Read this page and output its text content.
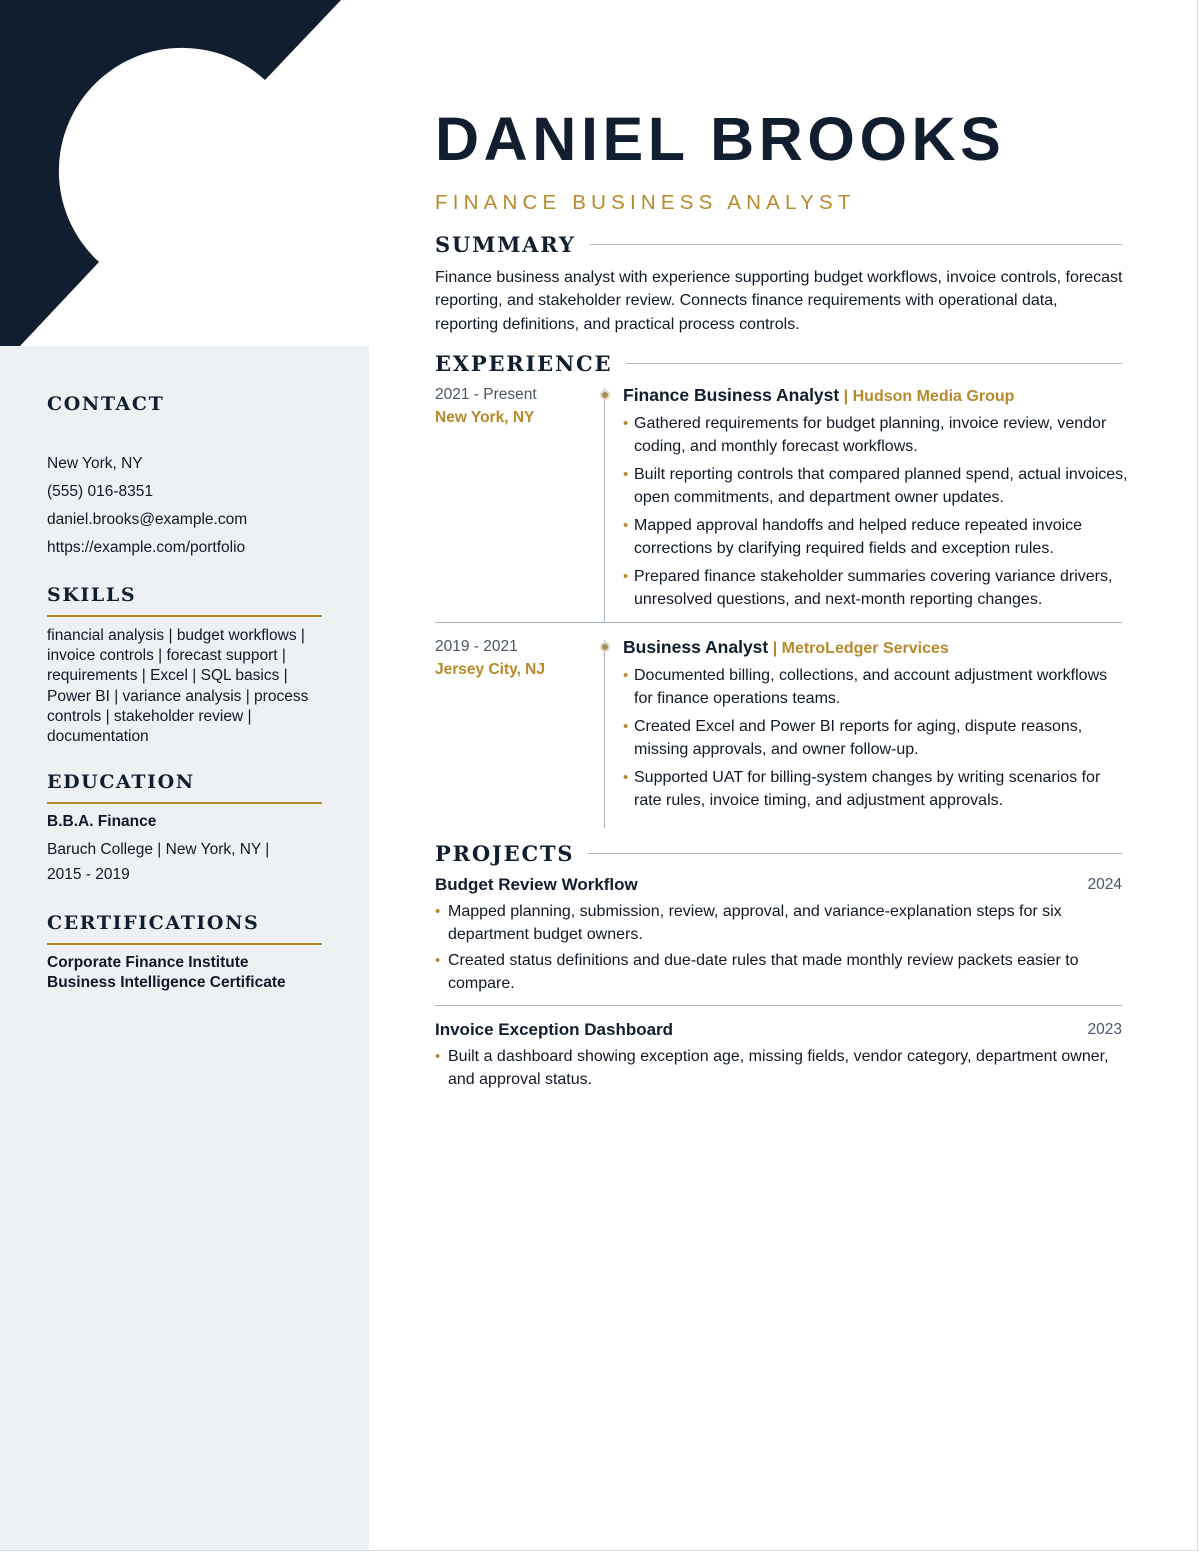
CONTACT
New York, NY
(555) 016-8351
daniel.brooks@example.com
https://example.com/portfolio
SKILLS
financial analysis | budget workflows | invoice controls | forecast support | requirements | Excel | SQL basics | Power BI | variance analysis | process controls | stakeholder review | documentation
EDUCATION
B.B.A. Finance
Baruch College | New York, NY |
2015 - 2019
CERTIFICATIONS
Corporate Finance Institute
Business Intelligence Certificate
DANIEL BROOKS
FINANCE BUSINESS ANALYST
SUMMARY
Finance business analyst with experience supporting budget workflows, invoice controls, forecast reporting, and stakeholder review. Connects finance requirements with operational data, reporting definitions, and practical process controls.
EXPERIENCE
2021 - Present
New York, NY
Finance Business Analyst | Hudson Media Group
• Gathered requirements for budget planning, invoice review, vendor coding, and monthly forecast workflows.
• Built reporting controls that compared planned spend, actual invoices, open commitments, and department owner updates.
• Mapped approval handoffs and helped reduce repeated invoice corrections by clarifying required fields and exception rules.
• Prepared finance stakeholder summaries covering variance drivers, unresolved questions, and next-month reporting changes.
2019 - 2021
Jersey City, NJ
Business Analyst | MetroLedger Services
• Documented billing, collections, and account adjustment workflows for finance operations teams.
• Created Excel and Power BI reports for aging, dispute reasons, missing approvals, and owner follow-up.
• Supported UAT for billing-system changes by writing scenarios for rate rules, invoice timing, and adjustment approvals.
PROJECTS
Budget Review Workflow	2024
• Mapped planning, submission, review, approval, and variance-explanation steps for six department budget owners.
• Created status definitions and due-date rules that made monthly review packets easier to compare.
Invoice Exception Dashboard	2023
• Built a dashboard showing exception age, missing fields, vendor category, department owner, and approval status.
